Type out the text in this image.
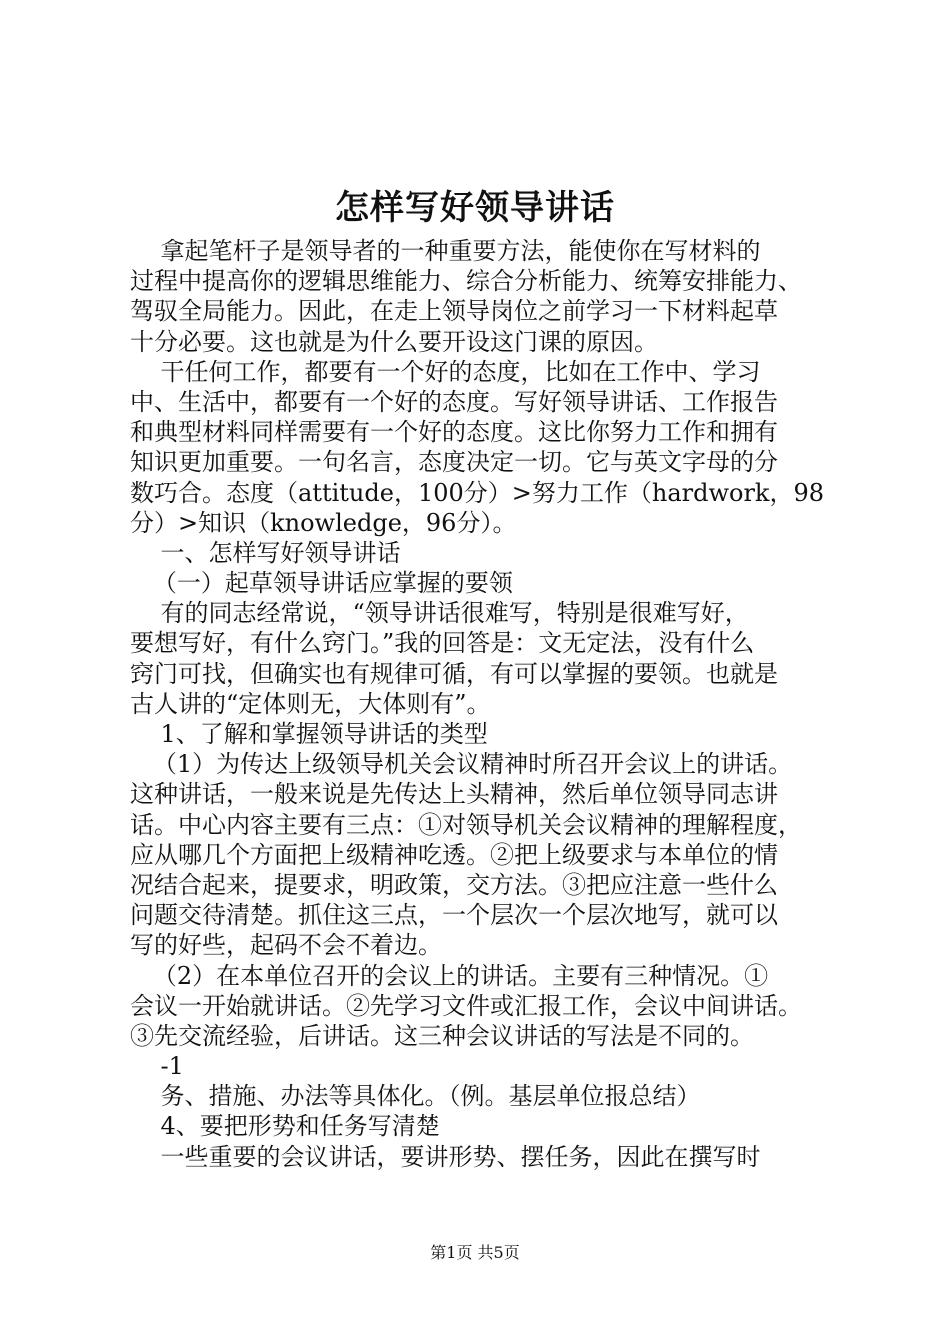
怎样写好领导讲话
拿起笔杆子是领导者的一种重要方法，能使你在写材料的
过程中提高你的逻辑思维能力、综合分析能力、统筹安排能力、
驾驭全局能力。因此，在走上领导岗位之前学习一下材料起草
十分必要。这也就是为什么要开设这门课的原因。
干任何工作，都要有一个好的态度，比如在工作中、学习
中、生活中，都要有一个好的态度。写好领导讲话、工作报告
和典型材料同样需要有一个好的态度。这比你努力工作和拥有
知识更加重要。一句名言，态度决定一切。它与英文字母的分
数巧合。态度（attitude，100分）>努力工作（hardwork，98
分）>知识（knowledge，96分）。
一、怎样写好领导讲话
（一）起草领导讲话应掌握的要领
有的同志经常说，“领导讲话很难写，特别是很难写好，
要想写好，有什么窍门。”我的回答是：文无定法，没有什么
窍门可找，但确实也有规律可循，有可以掌握的要领。也就是
古人讲的“定体则无，大体则有”。
1、了解和掌握领导讲话的类型
（1）为传达上级领导机关会议精神时所召开会议上的讲话。
这种讲话，一般来说是先传达上头精神，然后单位领导同志讲
话。中心内容主要有三点：①对领导机关会议精神的理解程度，
应从哪几个方面把上级精神吃透。②把上级要求与本单位的情
况结合起来，提要求，明政策，交方法。③把应注意一些什么
问题交待清楚。抓住这三点，一个层次一个层次地写，就可以
写的好些，起码不会不着边。
（2）在本单位召开的会议上的讲话。主要有三种情况。①
会议一开始就讲话。②先学习文件或汇报工作，会议中间讲话。
③先交流经验，后讲话。这三种会议讲话的写法是不同的。
-1
务、措施、办法等具体化。（例。基层单位报总结）
4、要把形势和任务写清楚
一些重要的会议讲话，要讲形势、摆任务，因此在撰写时
第1页 共5页
